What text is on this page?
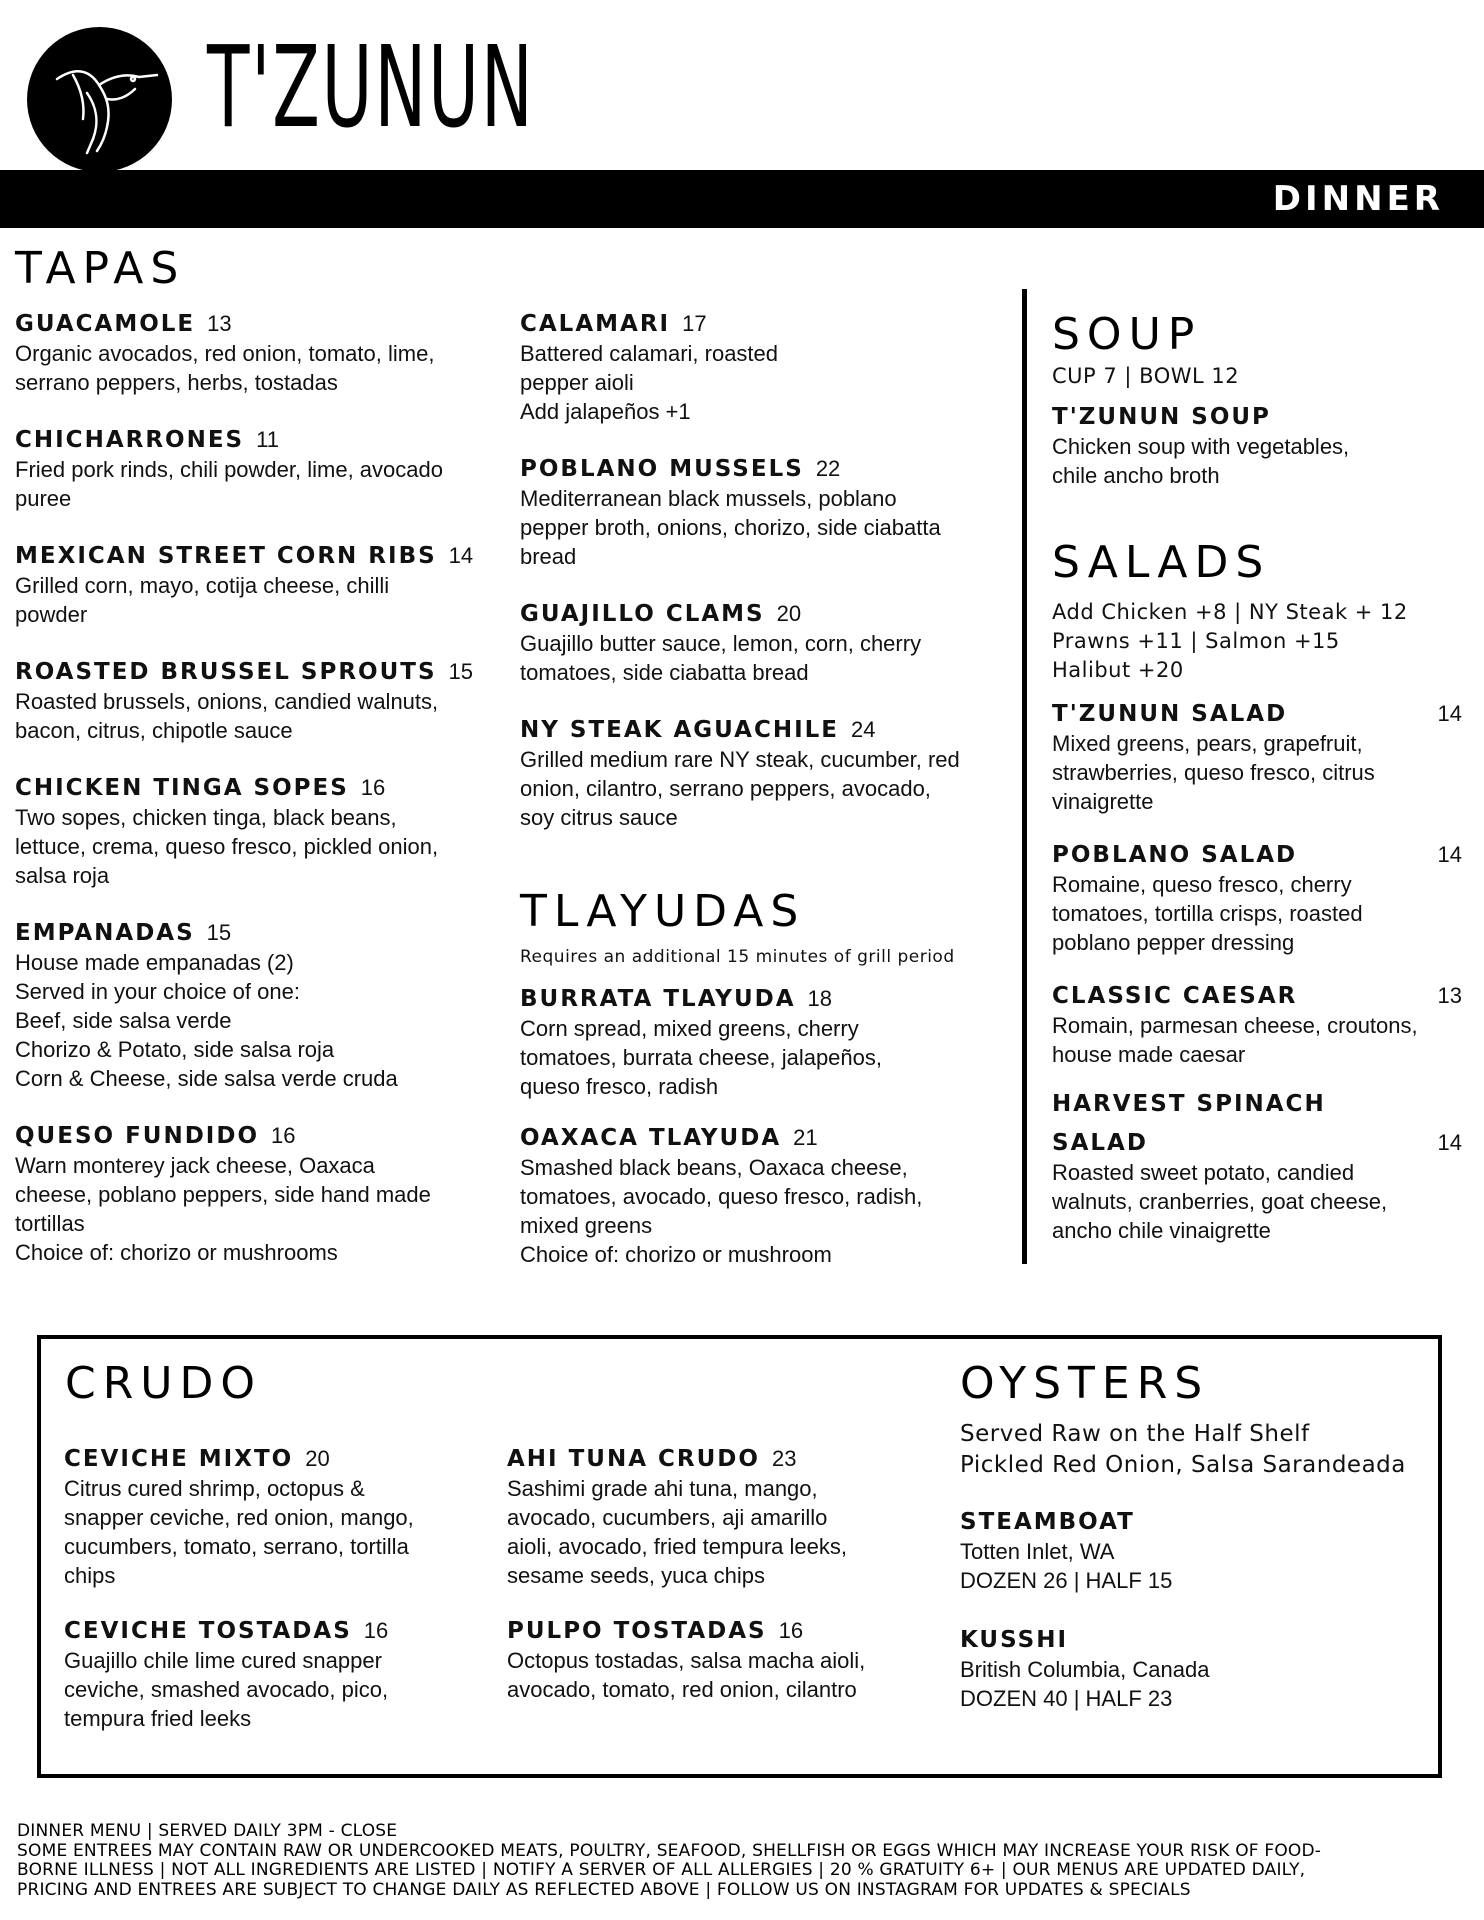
T'ZUNUN
DINNER
TAPAS
GUACAMOLE 13
Organic avocados, red onion, tomato, lime,
serrano peppers, herbs, tostadas
CHICHARRONES 11
Fried pork rinds, chili powder, lime, avocado
puree
MEXICAN STREET CORN RIBS 14
Grilled corn, mayo, cotija cheese, chilli
powder
ROASTED BRUSSEL SPROUTS 15
Roasted brussels, onions, candied walnuts,
bacon, citrus, chipotle sauce
CHICKEN TINGA SOPES 16
Two sopes, chicken tinga, black beans,
lettuce, crema, queso fresco, pickled onion,
salsa roja
EMPANADAS 15
House made empanadas (2)
Served in your choice of one:
Beef, side salsa verde
Chorizo & Potato, side salsa roja
Corn & Cheese, side salsa verde cruda
QUESO FUNDIDO 16
Warn monterey jack cheese, Oaxaca
cheese, poblano peppers, side hand made
tortillas
Choice of: chorizo or mushrooms
CALAMARI 17
Battered calamari, roasted
pepper aioli
Add jalapeños +1
POBLANO MUSSELS 22
Mediterranean black mussels, poblano
pepper broth, onions, chorizo, side ciabatta
bread
GUAJILLO CLAMS 20
Guajillo butter sauce, lemon, corn, cherry
tomatoes, side ciabatta bread
NY STEAK AGUACHILE 24
Grilled medium rare NY steak, cucumber, red
onion, cilantro, serrano peppers, avocado,
soy citrus sauce
TLAYUDAS
Requires an additional 15 minutes of grill period
BURRATA TLAYUDA 18
Corn spread, mixed greens, cherry
tomatoes, burrata cheese, jalapeños,
queso fresco, radish
OAXACA TLAYUDA 21
Smashed black beans, Oaxaca cheese,
tomatoes, avocado, queso fresco, radish,
mixed greens
Choice of: chorizo or mushroom
SOUP
CUP 7 | BOWL 12
T'ZUNUN SOUP
Chicken soup with vegetables,
chile ancho broth
SALADS
Add Chicken +8 | NY Steak + 12
Prawns +11 | Salmon +15
Halibut +20
T'ZUNUN SALAD	14
Mixed greens, pears, grapefruit,
strawberries, queso fresco, citrus
vinaigrette
POBLANO SALAD	14
Romaine, queso fresco, cherry
tomatoes, tortilla crisps, roasted
poblano pepper dressing
CLASSIC CAESAR	13
Romain, parmesan cheese, croutons,
house made caesar
HARVEST SPINACH
SALAD	14
Roasted sweet potato, candied
walnuts, cranberries, goat cheese,
ancho chile vinaigrette
CRUDO
CEVICHE MIXTO 20
Citrus cured shrimp, octopus &
snapper ceviche, red onion, mango,
cucumbers, tomato, serrano, tortilla
chips
CEVICHE TOSTADAS 16
Guajillo chile lime cured snapper
ceviche, smashed avocado, pico,
tempura fried leeks
AHI TUNA CRUDO 23
Sashimi grade ahi tuna, mango,
avocado, cucumbers, aji amarillo
aioli, avocado, fried tempura leeks,
sesame seeds, yuca chips
PULPO TOSTADAS 16
Octopus tostadas, salsa macha aioli,
avocado, tomato, red onion, cilantro
OYSTERS
Served Raw on the Half Shelf
Pickled Red Onion, Salsa Sarandeada
STEAMBOAT
Totten Inlet, WA
DOZEN 26 | HALF 15
KUSSHI
British Columbia, Canada
DOZEN 40 | HALF 23
DINNER MENU | SERVED DAILY 3PM - CLOSE
SOME ENTREES MAY CONTAIN RAW OR UNDERCOOKED MEATS, POULTRY, SEAFOOD, SHELLFISH OR EGGS WHICH MAY INCREASE YOUR RISK OF FOOD-
BORNE ILLNESS | NOT ALL INGREDIENTS ARE LISTED | NOTIFY A SERVER OF ALL ALLERGIES | 20 % GRATUITY 6+ | OUR MENUS ARE UPDATED DAILY,
PRICING AND ENTREES ARE SUBJECT TO CHANGE DAILY AS REFLECTED ABOVE | FOLLOW US ON INSTAGRAM FOR UPDATES & SPECIALS
